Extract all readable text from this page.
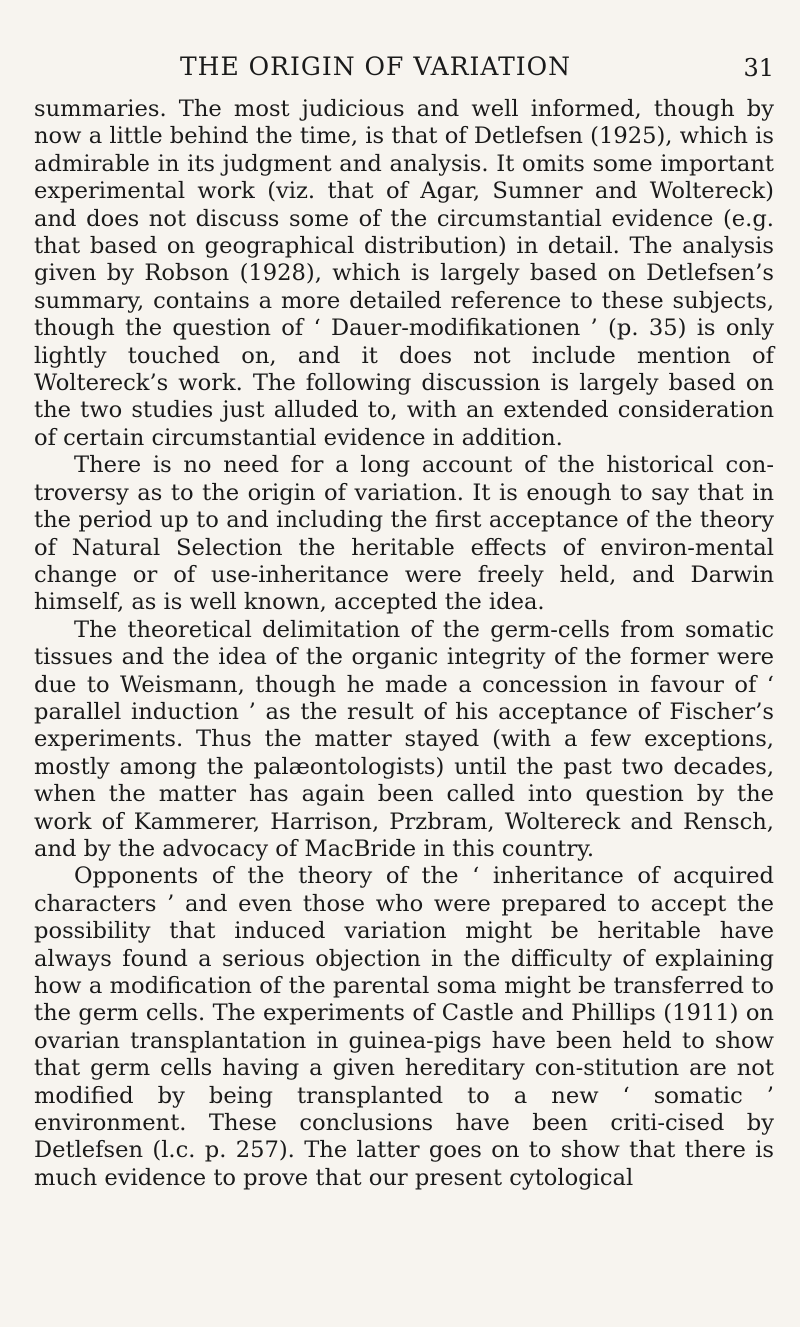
THE ORIGIN OF VARIATION	31

summaries. The most judicious and well informed, though by now a little behind the time, is that of Detlefsen (1925), which is admirable in its judgment and analysis. It omits some important experimental work (viz. that of Agar, Sumner and Woltereck) and does not discuss some of the circumstantial evidence (e.g. that based on geographical distribution) in detail. The analysis given by Robson (1928), which is largely based on Detlefsen’s summary, contains a more detailed reference to these subjects, though the question of ‘ Dauer-modifikationen ’ (p. 35) is only lightly touched on, and it does not include mention of Woltereck’s work. The following discussion is largely based on the two studies just alluded to, with an extended consideration of certain circumstantial evidence in addition.

There is no need for a long account of the historical con-troversy as to the origin of variation. It is enough to say that in the period up to and including the first acceptance of the theory of Natural Selection the heritable effects of environ-mental change or of use-inheritance were freely held, and Darwin himself, as is well known, accepted the idea.

The theoretical delimitation of the germ-cells from somatic tissues and the idea of the organic integrity of the former were due to Weismann, though he made a concession in favour of ‘ parallel induction ’ as the result of his acceptance of Fischer’s experiments. Thus the matter stayed (with a few exceptions, mostly among the palæontologists) until the past two decades, when the matter has again been called into question by the work of Kammerer, Harrison, Przbram, Woltereck and Rensch, and by the advocacy of MacBride in this country.

Opponents of the theory of the ‘ inheritance of acquired characters ’ and even those who were prepared to accept the possibility that induced variation might be heritable have always found a serious objection in the difficulty of explaining how a modification of the parental soma might be transferred to the germ cells. The experiments of Castle and Phillips (1911) on ovarian transplantation in guinea-pigs have been held to show that germ cells having a given hereditary con-stitution are not modified by being transplanted to a new ‘ somatic ’ environment. These conclusions have been criti-cised by Detlefsen (l.c. p. 257). The latter goes on to show that there is much evidence to prove that our present cytological
